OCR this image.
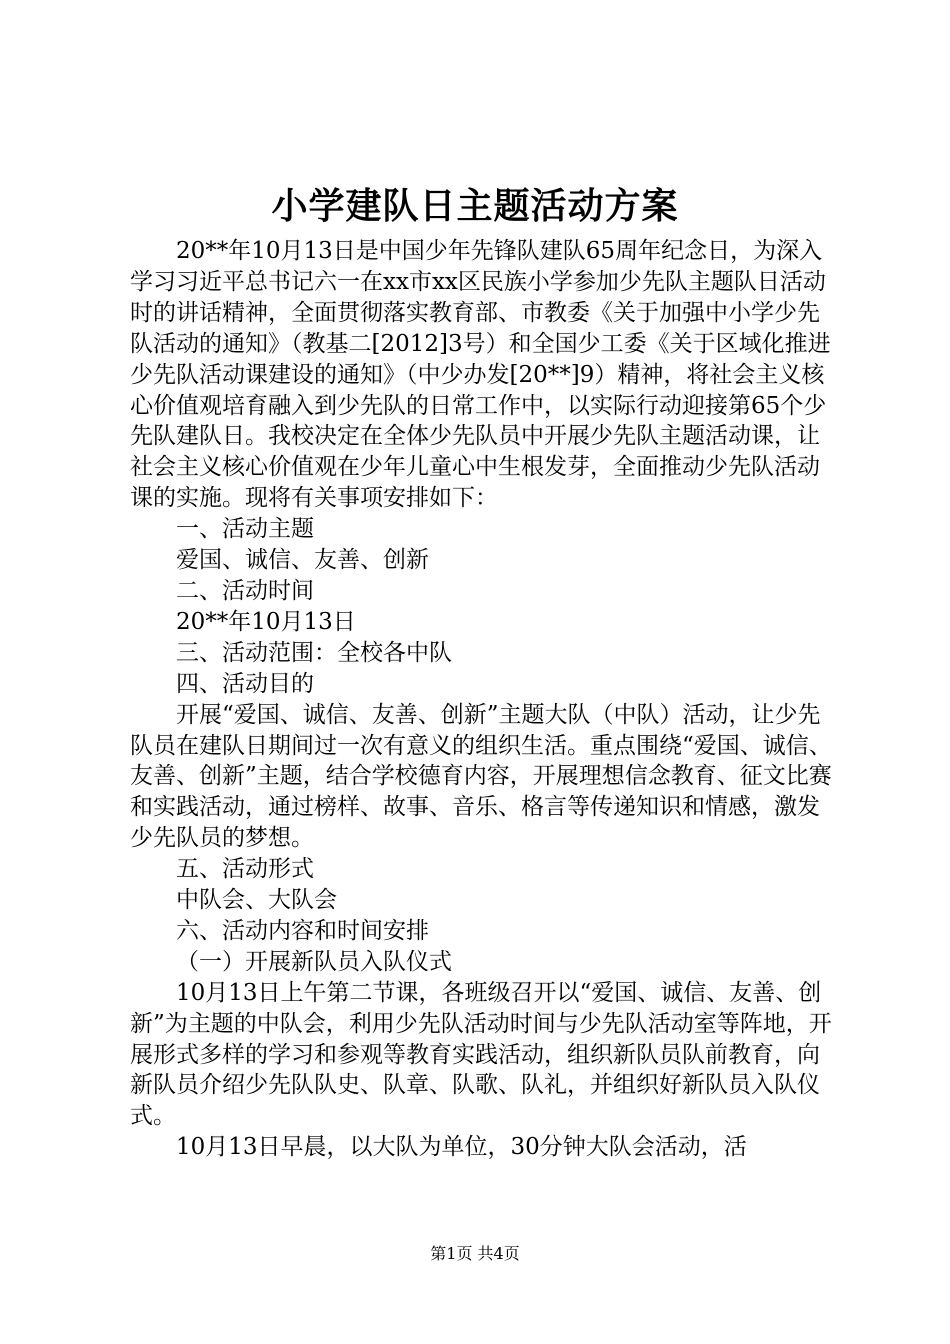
小学建队日主题活动方案

20**年10月13日是中国少年先锋队建队65周年纪念日，为深入学习习近平总书记六一在xx市xx区民族小学参加少先队主题队日活动时的讲话精神，全面贯彻落实教育部、市教委《关于加强中小学少先队活动的通知》（教基二[2012]3号）和全国少工委《关于区域化推进少先队活动课建设的通知》（中少办发[20**]9）精神，将社会主义核心价值观培育融入到少先队的日常工作中，以实际行动迎接第65个少先队建队日。我校决定在全体少先队员中开展少先队主题活动课，让社会主义核心价值观在少年儿童心中生根发芽，全面推动少先队活动课的实施。现将有关事项安排如下：

一、活动主题

爱国、诚信、友善、创新

二、活动时间

20**年10月13日

三、活动范围：全校各中队

四、活动目的

开展“爱国、诚信、友善、创新”主题大队（中队）活动，让少先队员在建队日期间过一次有意义的组织生活。重点围绕“爱国、诚信、友善、创新”主题，结合学校德育内容，开展理想信念教育、征文比赛和实践活动，通过榜样、故事、音乐、格言等传递知识和情感，激发少先队员的梦想。

五、活动形式

中队会、大队会

六、活动内容和时间安排

（一）开展新队员入队仪式

10月13日上午第二节课，各班级召开以“爱国、诚信、友善、创新”为主题的中队会，利用少先队活动时间与少先队活动室等阵地，开展形式多样的学习和参观等教育实践活动，组织新队员队前教育，向新队员介绍少先队队史、队章、队歌、队礼，并组织好新队员入队仪式。

10月13日早晨，以大队为单位，30分钟大队会活动，活

第1页 共4页
